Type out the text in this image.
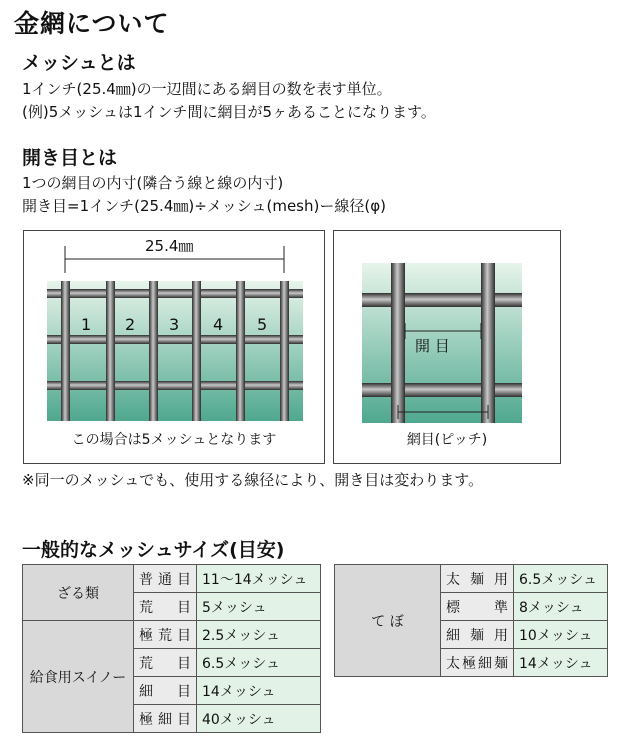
金網について
メッシュとは
1インチ(25.4㎜)の一辺間にある網目の数を表す単位。
(例)5メッシュは1インチ間に網目が5ヶあることになります。
開き目とは
1つの網目の内寸(隣合う線と線の内寸)
開き目=1インチ(25.4㎜)÷メッシュ(mesh)ー線径(φ)
25.4㎜
1 2 3 4 5
この場合は5メッシュとなります
開 目
網目(ピッチ)
※同一のメッシュでも、使用する線径により、開き目は変わります。
一般的なメッシュサイズ(目安)
ざる類	普通目	11〜14メッシュ
	荒 目	5メッシュ
給食用スイノー	極荒目	2.5メッシュ
	荒 目	6.5メッシュ
	細 目	14メッシュ
	極細目	40メッシュ
て ぼ	太麺用	6.5メッシュ
	標 準	8メッシュ
	細麺用	10メッシュ
	太極細麺	14メッシュ
